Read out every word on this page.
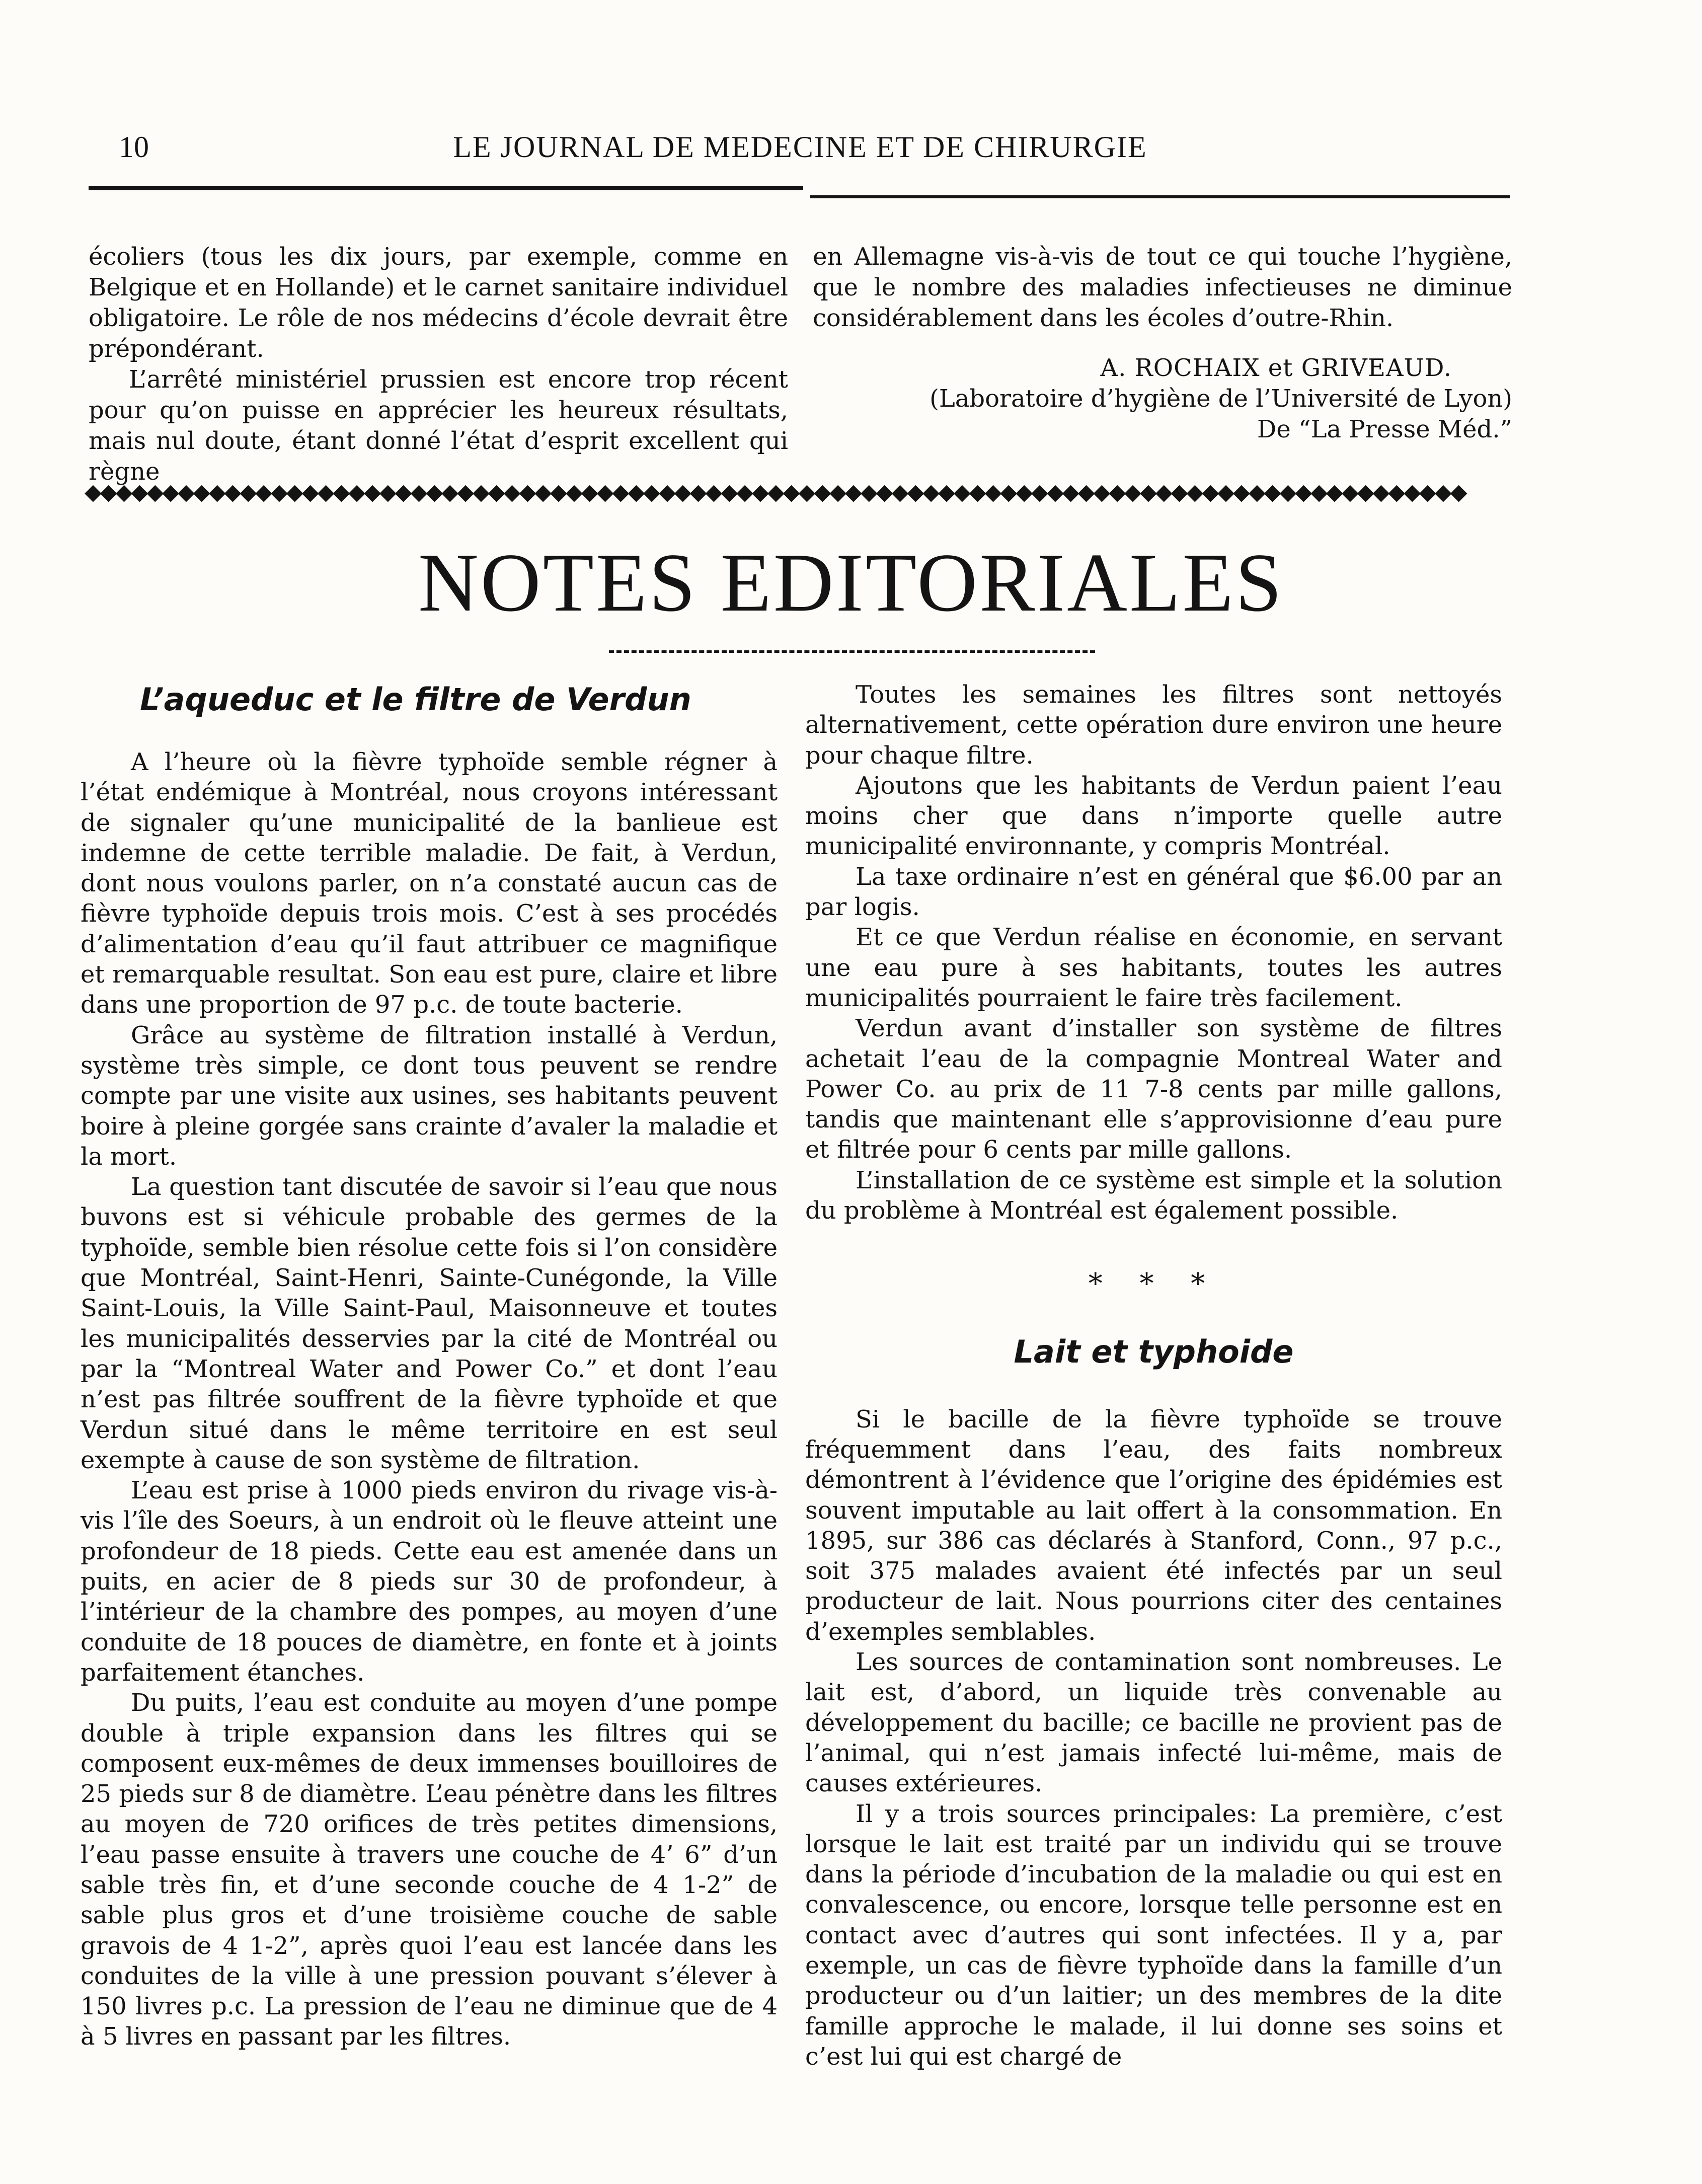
10	LE JOURNAL DE MEDECINE ET DE CHIRURGIE

écoliers (tous les dix jours, par exemple, comme en Belgique et en Hollande) et le carnet sanitaire individuel obligatoire. Le rôle de nos médecins d’école devrait être prépondérant.

L’arrêté ministériel prussien est encore trop récent pour qu’on puisse en apprécier les heureux résultats, mais nul doute, étant donné l’état d’esprit excellent qui règne

en Allemagne vis-à-vis de tout ce qui touche l’hygiène, que le nombre des maladies infectieuses ne diminue considérablement dans les écoles d’outre-Rhin.

A. ROCHAIX et GRIVEAUD.

(Laboratoire d’hygiène de l’Université de Lyon)

De “La Presse Méd.”

◆◆◆◆◆◆◆◆◆◆◆◆◆◆◆◆◆◆◆◆◆◆◆◆◆◆◆◆◆◆◆◆◆◆◆◆◆◆◆◆◆◆◆◆◆◆◆◆◆◆◆◆◆◆◆◆◆◆◆◆◆◆◆◆◆◆◆◆◆◆◆◆◆◆◆◆◆◆◆◆◆◆◆◆◆◆◆◆◆
NOTES EDITORIALES
L’aqueduc et le filtre de Verdun

A l’heure où la fièvre typhoïde semble régner à l’état endémique à Montréal, nous croyons intéressant de signaler qu’une municipalité de la banlieue est indemne de cette terrible maladie. De fait, à Verdun, dont nous voulons parler, on n’a constaté aucun cas de fièvre typhoïde depuis trois mois. C’est à ses procédés d’alimentation d’eau qu’il faut attribuer ce magnifique et remarquable resultat. Son eau est pure, claire et libre dans une proportion de 97 p.c. de toute bacterie.

Grâce au système de filtration installé à Verdun, système très simple, ce dont tous peuvent se rendre compte par une visite aux usines, ses habitants peuvent boire à pleine gorgée sans crainte d’avaler la maladie et la mort.

La question tant discutée de savoir si l’eau que nous buvons est si véhicule probable des germes de la typhoïde, semble bien résolue cette fois si l’on considère que Montréal, Saint-Henri, Sainte-Cunégonde, la Ville Saint-Louis, la Ville Saint-Paul, Maisonneuve et toutes les municipalités desservies par la cité de Montréal ou par la “Montreal Water and Power Co.” et dont l’eau n’est pas filtrée souffrent de la fièvre typhoïde et que Verdun situé dans le même territoire en est seul exempte à cause de son système de filtration.

L’eau est prise à 1000 pieds environ du rivage vis-à-vis l’île des Soeurs, à un endroit où le fleuve atteint une profondeur de 18 pieds. Cette eau est amenée dans un puits, en acier de 8 pieds sur 30 de profondeur, à l’intérieur de la chambre des pompes, au moyen d’une conduite de 18 pouces de diamètre, en fonte et à joints parfaitement étanches.

Du puits, l’eau est conduite au moyen d’une pompe double à triple expansion dans les filtres qui se composent eux-mêmes de deux immenses bouilloires de 25 pieds sur 8 de diamètre. L’eau pénètre dans les filtres au moyen de 720 orifices de très petites dimensions, l’eau passe ensuite à travers une couche de 4’ 6” d’un sable très fin, et d’une seconde couche de 4 1-2” de sable plus gros et d’une troisième couche de sable gravois de 4 1-2”, après quoi l’eau est lancée dans les conduites de la ville à une pression pouvant s’élever à 150 livres p.c. La pression de l’eau ne diminue que de 4 à 5 livres en passant par les filtres.

Toutes les semaines les filtres sont nettoyés alternativement, cette opération dure environ une heure pour chaque filtre.

Ajoutons que les habitants de Verdun paient l’eau moins cher que dans n’importe quelle autre municipalité environnante, y compris Montréal.

La taxe ordinaire n’est en général que $6.00 par an par logis.

Et ce que Verdun réalise en économie, en servant une eau pure à ses habitants, toutes les autres municipalités pourraient le faire très facilement.

Verdun avant d’installer son système de filtres achetait l’eau de la compagnie Montreal Water and Power Co. au prix de 11 7-8 cents par mille gallons, tandis que maintenant elle s’approvisionne d’eau pure et filtrée pour 6 cents par mille gallons.

L’installation de ce système est simple et la solution du problème à Montréal est également possible.

* * *

Lait et typhoide

Si le bacille de la fièvre typhoïde se trouve fréquemment dans l’eau, des faits nombreux démontrent à l’évidence que l’origine des épidémies est souvent imputable au lait offert à la consommation. En 1895, sur 386 cas déclarés à Stanford, Conn., 97 p.c., soit 375 malades avaient été infectés par un seul producteur de lait. Nous pourrions citer des centaines d’exemples semblables.

Les sources de contamination sont nombreuses. Le lait est, d’abord, un liquide très convenable au développement du bacille; ce bacille ne provient pas de l’animal, qui n’est jamais infecté lui-même, mais de causes extérieures.

Il y a trois sources principales: La première, c’est lorsque le lait est traité par un individu qui se trouve dans la période d’incubation de la maladie ou qui est en convalescence, ou encore, lorsque telle personne est en contact avec d’autres qui sont infectées. Il y a, par exemple, un cas de fièvre typhoïde dans la famille d’un producteur ou d’un laitier; un des membres de la dite famille approche le malade, il lui donne ses soins et c’est lui qui est chargé de
